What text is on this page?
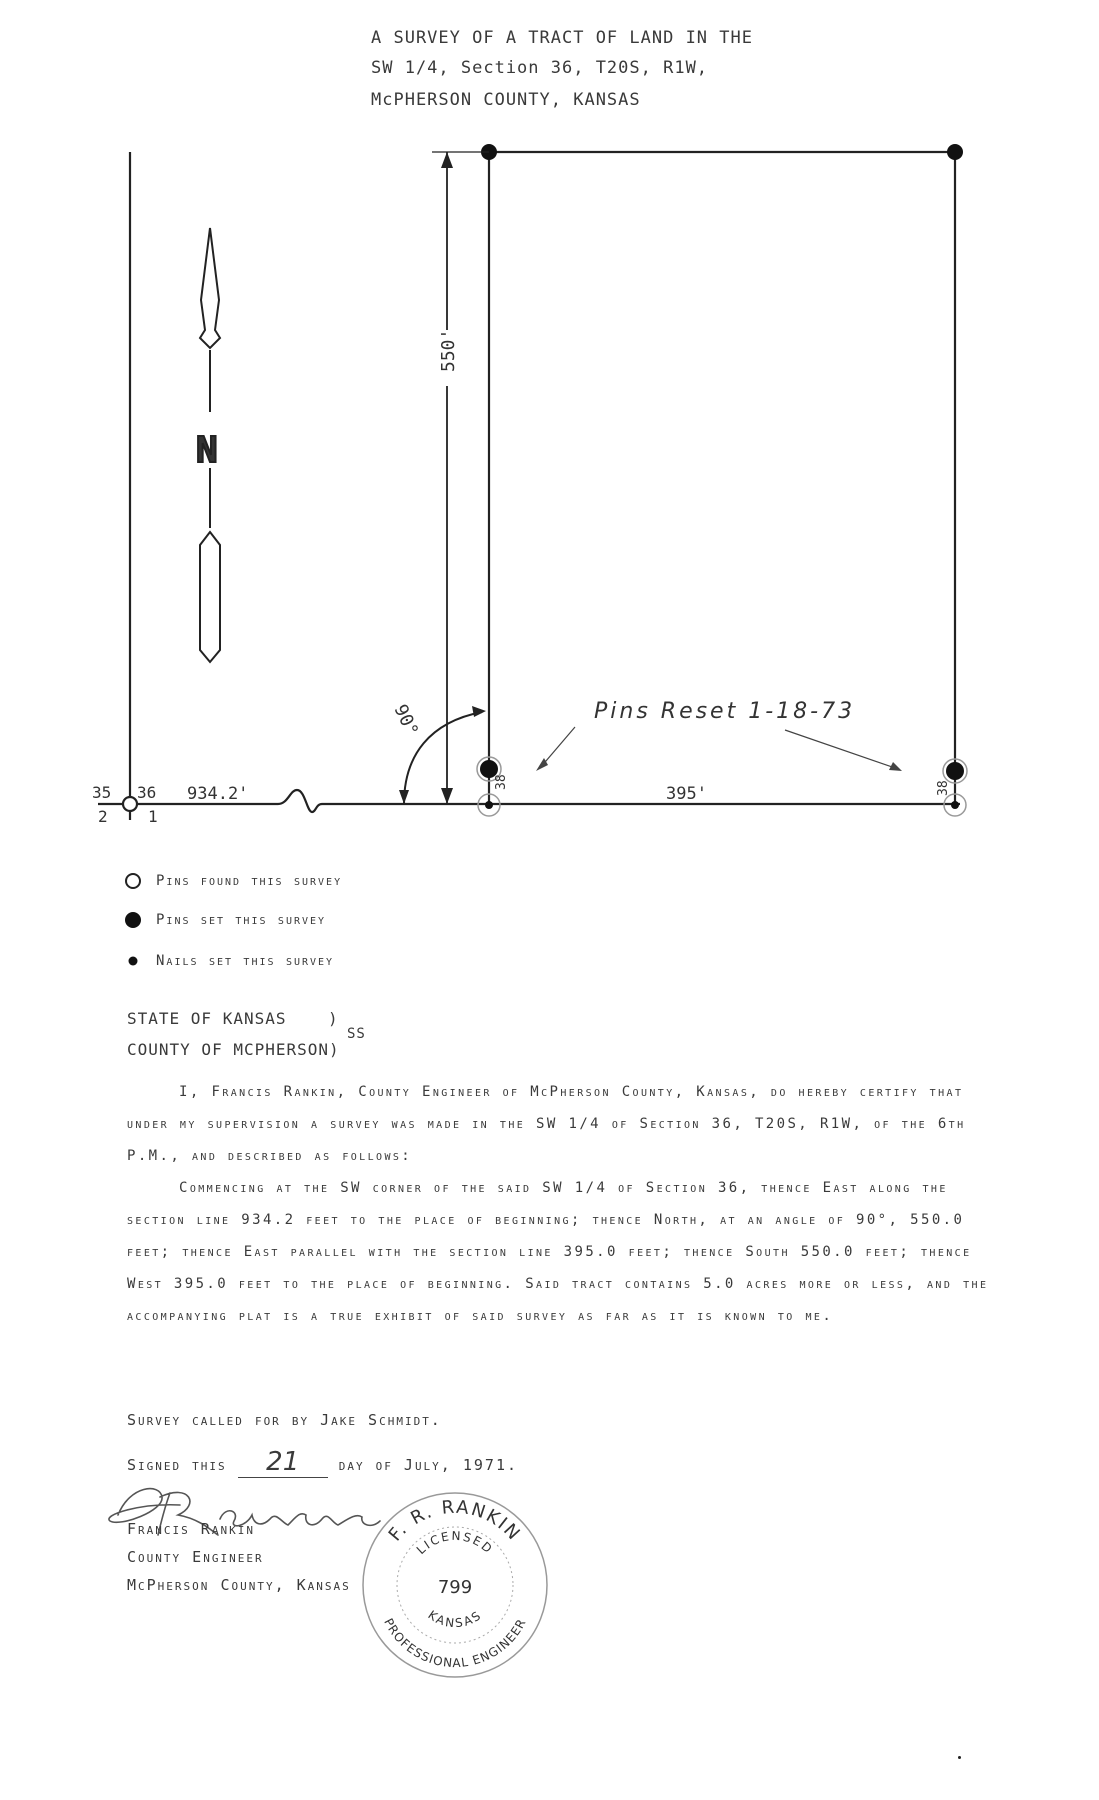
A SURVEY OF A TRACT OF LAND IN THE
SW 1/4, Section 36, T20S, R1W,
McPHERSON COUNTY, KANSAS
35 36
2	1
38	38
550'
934.2'	395'
90°	Pins Reset 1-18-73
N
Pins found this survey
Pins set this survey
Nails set this survey
STATE OF KANSAS	)
SS
COUNTY OF MCPHERSON)

I, Francis Rankin, County Engineer of McPherson County, Kansas, do hereby certify that under my supervision a survey was made in the SW 1/4 of Section 36, T20S, R1W, of the 6th P.M., and described as follows:

Commencing at the SW corner of the said SW 1/4 of Section 36, thence East along the section line 934.2 feet to the place of beginning; thence North, at an angle of 90°, 550.0 feet; thence East parallel with the section line 395.0 feet; thence South 550.0 feet; thence West 395.0 feet to the place of beginning. Said tract contains 5.0 acres more or less, and the accompanying plat is a true exhibit of said survey as far as it is known to me.

Survey called for by Jake Schmidt.
Signed this 21	day of July, 1971.
Francis Rankin
County Engineer
McPherson County, Kansas
F. R. RANKIN
LICENSED
799
KANSAS
PROFESSIONAL ENGINEER
